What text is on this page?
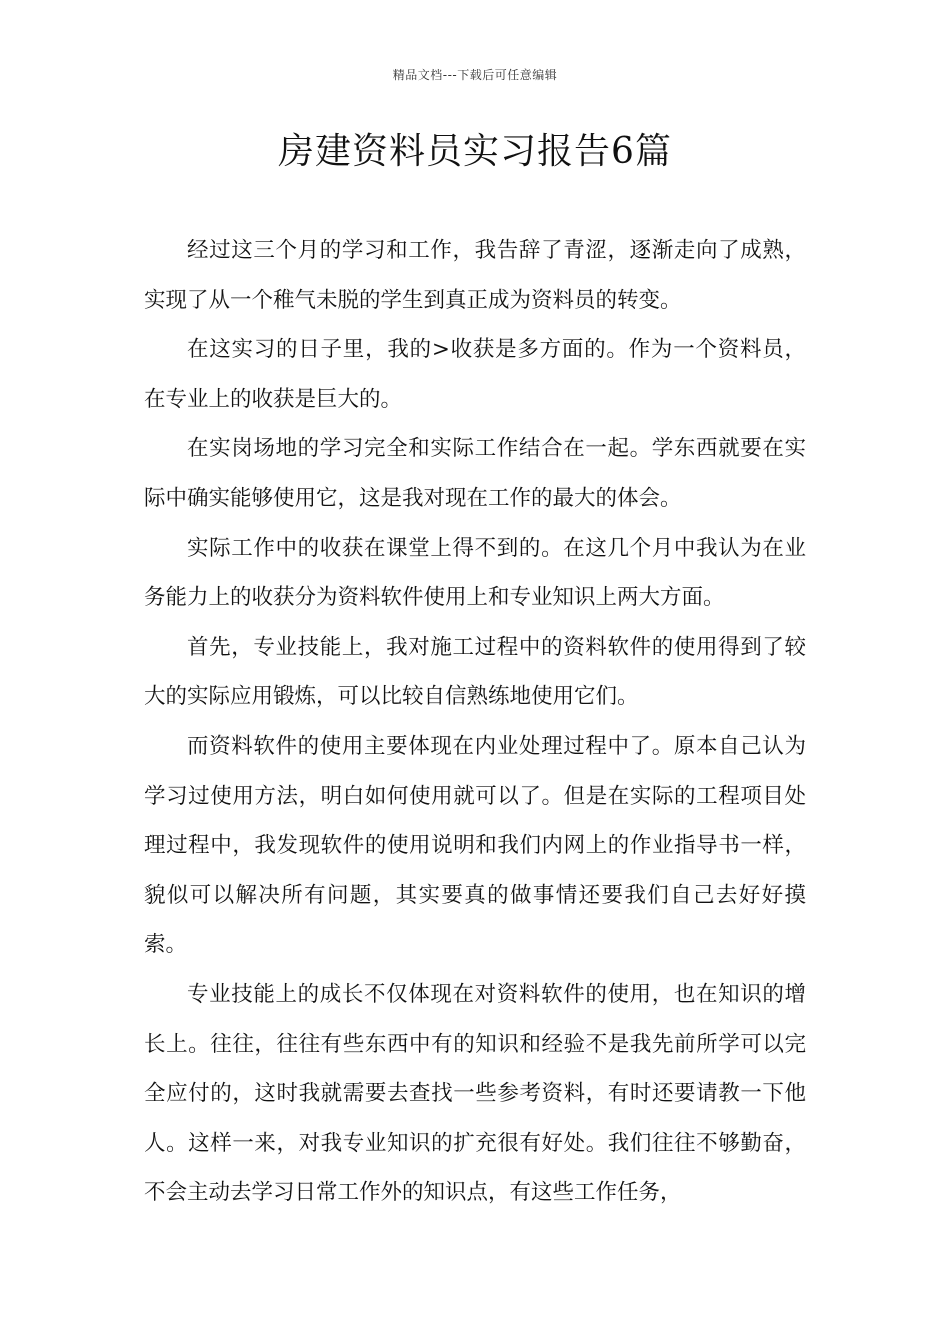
精品文档---下载后可任意编辑
房建资料员实习报告6篇

经过这三个月的学习和工作，我告辞了青涩，逐渐走向了成熟，实现了从一个稚气未脱的学生到真正成为资料员的转变。

在这实习的日子里，我的>收获是多方面的。作为一个资料员，在专业上的收获是巨大的。

在实岗场地的学习完全和实际工作结合在一起。学东西就要在实际中确实能够使用它，这是我对现在工作的最大的体会。

实际工作中的收获在课堂上得不到的。在这几个月中我认为在业务能力上的收获分为资料软件使用上和专业知识上两大方面。

首先，专业技能上，我对施工过程中的资料软件的使用得到了较大的实际应用锻炼，可以比较自信熟练地使用它们。

而资料软件的使用主要体现在内业处理过程中了。原本自己认为学习过使用方法，明白如何使用就可以了。但是在实际的工程项目处理过程中，我发现软件的使用说明和我们内网上的作业指导书一样，貌似可以解决所有问题，其实要真的做事情还要我们自己去好好摸索。

专业技能上的成长不仅体现在对资料软件的使用，也在知识的增长上。往往，往往有些东西中有的知识和经验不是我先前所学可以完全应付的，这时我就需要去查找一些参考资料，有时还要请教一下他人。这样一来，对我专业知识的扩充很有好处。我们往往不够勤奋，不会主动去学习日常工作外的知识点，有这些工作任务，
